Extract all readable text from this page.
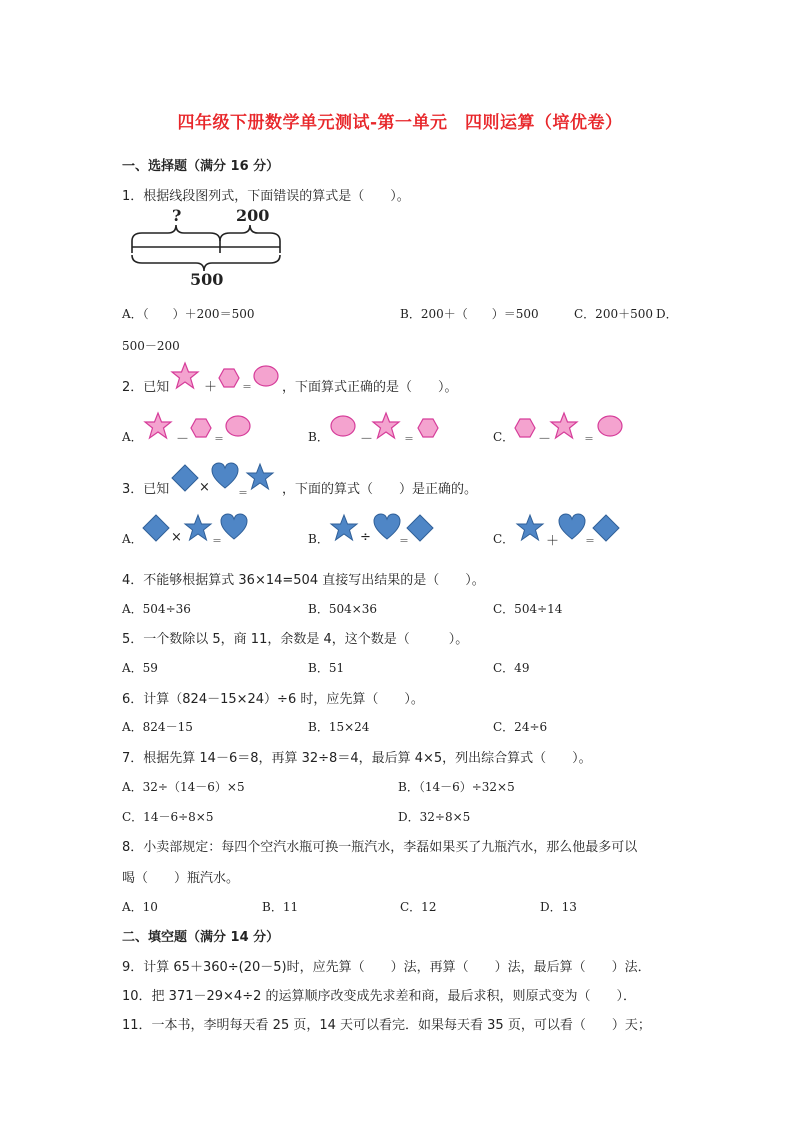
四年级下册数学单元测试-第一单元　四则运算（培优卷）
一、选择题（满分 16 分）
1．根据线段图列式，下面错误的算式是（　　）。
?	200
500
A．（　　）＋200＝500	B．200＋（　　）＝500	C．200＋500 D．
500－200
2．已知	＋ ＝ ，下面算式正确的是（　　）。
A．	－ ＝	B． －	＝	C． －	＝
3．已知 ×	＝	，下面的算式（　　）是正确的。
A． ×	＝	B． ÷	＝	C． ＋	＝
4．不能够根据算式 36×14=504 直接写出结果的是（　　）。
A．504÷36	B．504×36	C．504÷14
5．一个数除以 5，商 11，余数是 4，这个数是（　　　）。
A．59	B．51	C．49
6．计算（824－15×24）÷6 时，应先算（　　）。
A．824－15	B．15×24	C．24÷6
7．根据先算 14－6＝8，再算 32÷8＝4，最后算 4×5，列出综合算式（　　）。
A．32÷（14－6）×5	B．（14－6）÷32×5
C．14－6÷8×5	D．32÷8×5
8．小卖部规定：每四个空汽水瓶可换一瓶汽水，李磊如果买了九瓶汽水，那么他最多可以
喝（　　）瓶汽水。
A．10	B．11	C．12	D．13
二、填空题（满分 14 分）
9．计算 65＋360÷(20－5)时，应先算（　　）法，再算（　　）法，最后算（　　）法．
10．把 371－29×4÷2 的运算顺序改变成先求差和商，最后求积，则原式变为（　　）．
11．一本书，李明每天看 25 页，14 天可以看完．如果每天看 35 页，可以看（　　）天；
